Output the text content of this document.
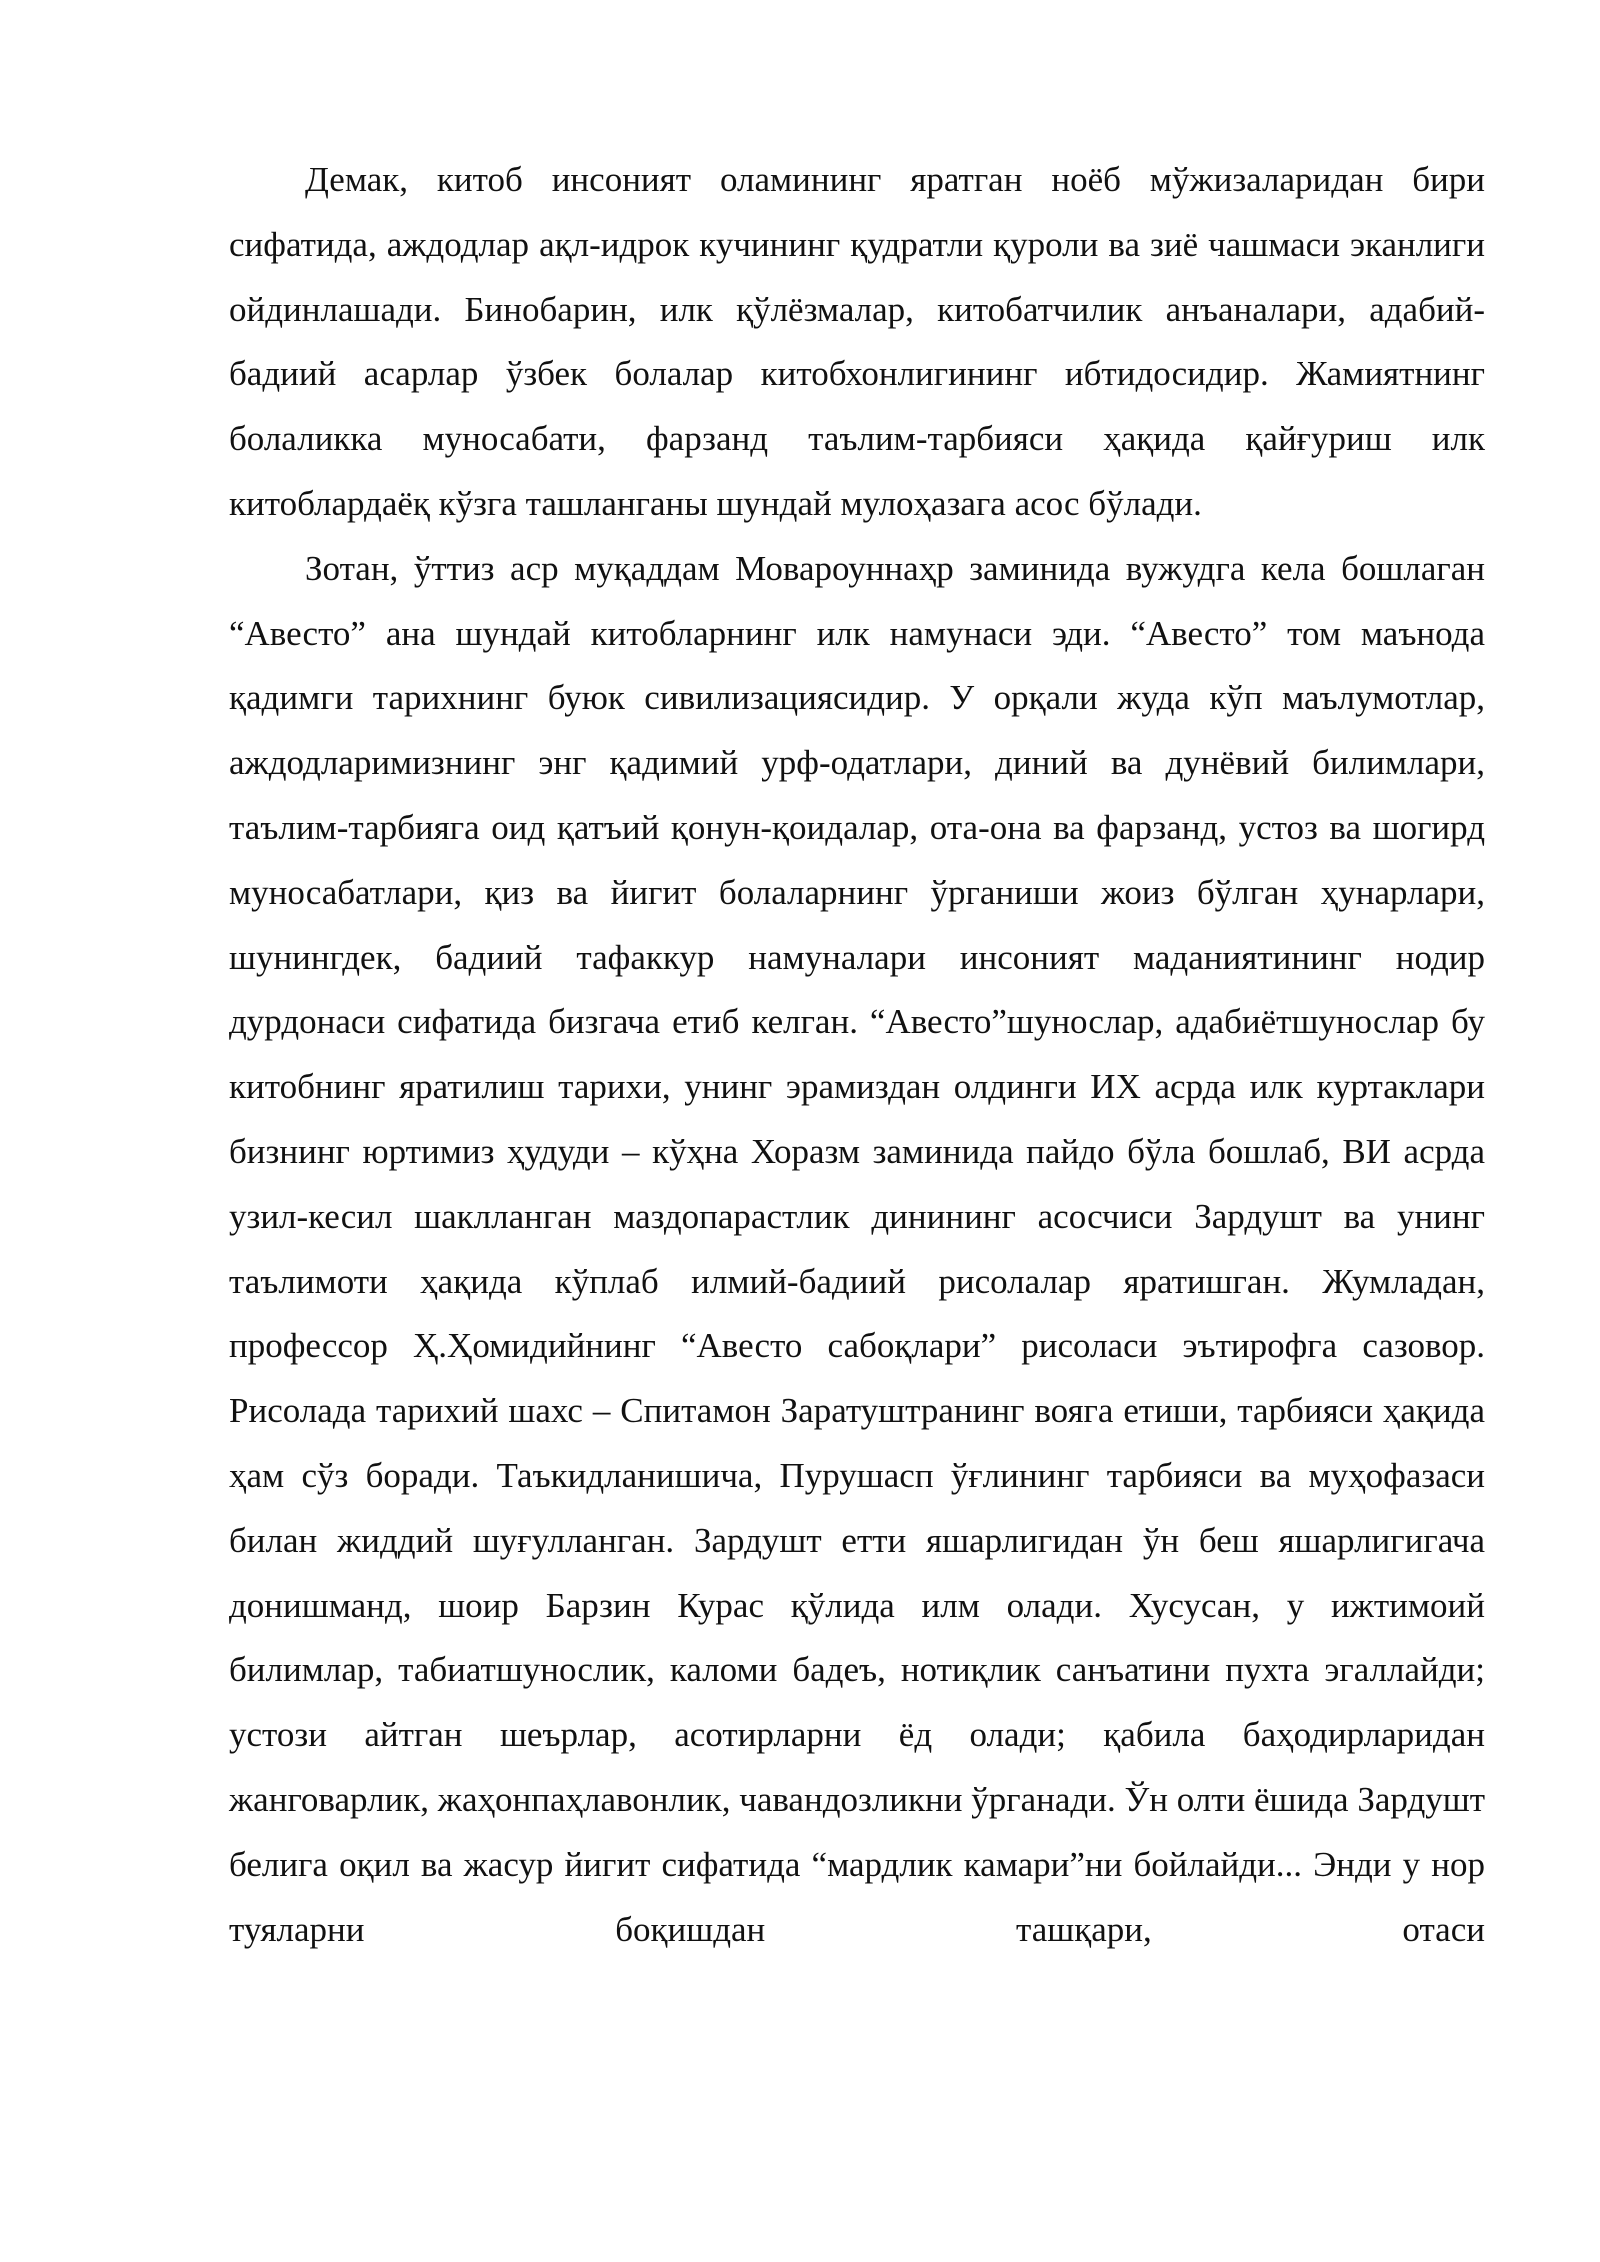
Демак, китоб инсоният оламининг яратган ноёб мўжизаларидан бири сифатида, аждодлар ақл-идрок кучининг қудратли қуроли ва зиё чашмаси эканлиги ойдинлашади. Бинобарин, илк қўлёзмалар, китобатчилик анъаналари, адабий-бадиий асарлар ўзбек болалар китобхонлигининг ибтидосидир. Жамиятнинг болаликка муносабати, фарзанд таълим-тарбияси ҳақида қайғуриш илк китоблардаёқ кўзга ташланганы шундай мулоҳазага асос бўлади.

Зотан, ўттиз аср муқаддам Мовароуннаҳр заминида вужудга кела бошлаган “Авесто” ана шундай китобларнинг илк намунаси эди. “Авесто” том маънода қадимги тарихнинг буюк сивилизациясидир. У орқали жуда кўп маълумотлар, аждодларимизнинг энг қадимий урф-одатлари, диний ва дунёвий билимлари, таълим-тарбияга оид қатъий қонун-қоидалар, ота-она ва фарзанд, устоз ва шогирд муносабатлари, қиз ва йигит болаларнинг ўрганиши жоиз бўлган ҳунарлари, шунингдек, бадиий тафаккур намуналари инсоният маданиятининг нодир дурдонаси сифатида бизгача етиб келган. “Авесто”шунослар, адабиётшунослар бу китобнинг яратилиш тарихи, унинг эрамиздан олдинги ИХ асрда илк куртаклари бизнинг юртимиз ҳудуди – кўҳна Хоразм заминида пайдо бўла бошлаб, ВИ асрда узил-кесил шаклланган маздопарастлик динининг асосчиси Зардушт ва унинг таълимоти ҳақида кўплаб илмий-бадиий рисолалар яратишган. Жумладан, профессор Ҳ.Ҳомидийнинг “Авесто сабоқлари” рисоласи эътирофга сазовор. Рисолада тарихий шахс – Спитамон Заратуштранинг вояга етиши, тарбияси ҳақида ҳам сўз боради. Таъкидланишича, Пурушасп ўғлининг тарбияси ва муҳофазаси билан жиддий шуғулланган. Зардушт етти яшарлигидан ўн беш яшарлигигача донишманд, шоир Барзин Курас қўлида илм олади. Хусусан, у ижтимоий билимлар, табиатшунослик, каломи бадеъ, нотиқлик санъатини пухта эгаллайди; устози айтган шеърлар, асотирларни ёд олади; қабила баҳодирларидан жанговарлик, жаҳонпаҳлавонлик, чавандозликни ўрганади. Ўн олти ёшида Зардушт белига оқил ва жасур йигит сифатида “мардлик камари”ни бойлайди... Энди у нор туяларни боқишдан ташқари, отаси
